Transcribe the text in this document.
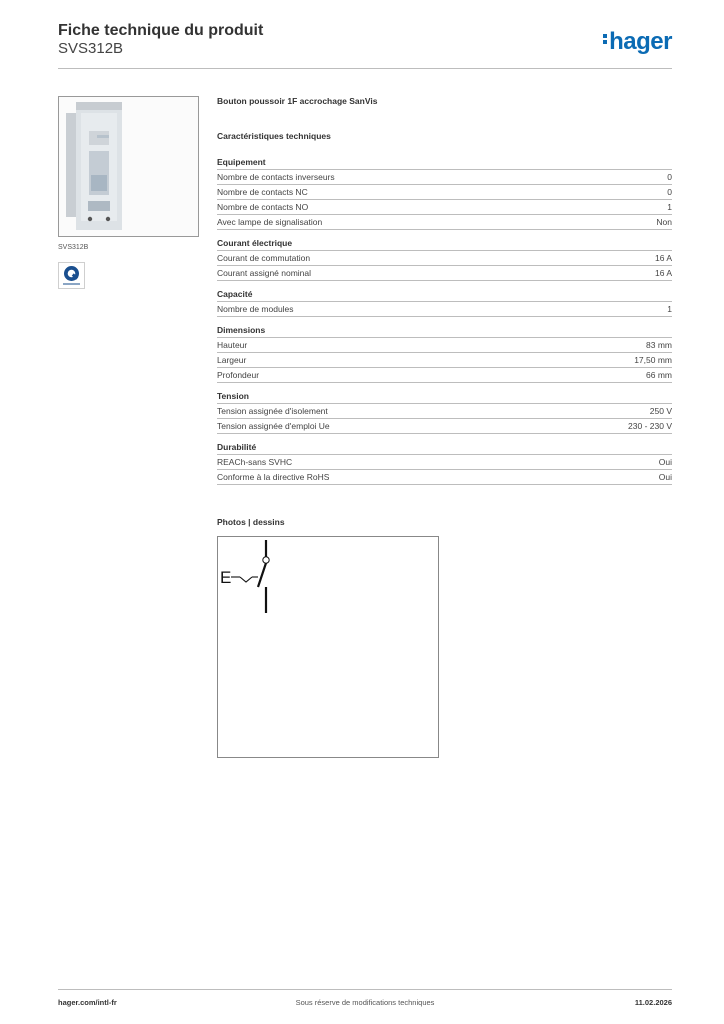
Fiche technique du produit
SVS312B	hager
SVS312B
Bouton poussoir 1F accrochage SanVis
Caractéristiques techniques
Equipement
Nombre de contacts inverseurs	0
Nombre de contacts NC	0
Nombre de contacts NO	1
Avec lampe de signalisation	Non
Courant électrique
Courant de commutation	16 A
Courant assigné nominal	16 A
Capacité
Nombre de modules	1
Dimensions
Hauteur	83 mm
Largeur	17,50 mm
Profondeur	66 mm
Tension
Tension assignée d'isolement	250 V
Tension assignée d'emploi Ue	230 - 230 V
Durabilité
REACh-sans SVHC	Oui
Conforme à la directive RoHS	Oui
Photos | dessins
E
hager.com/intl-fr	Sous réserve de modifications techniques	11.02.2026
